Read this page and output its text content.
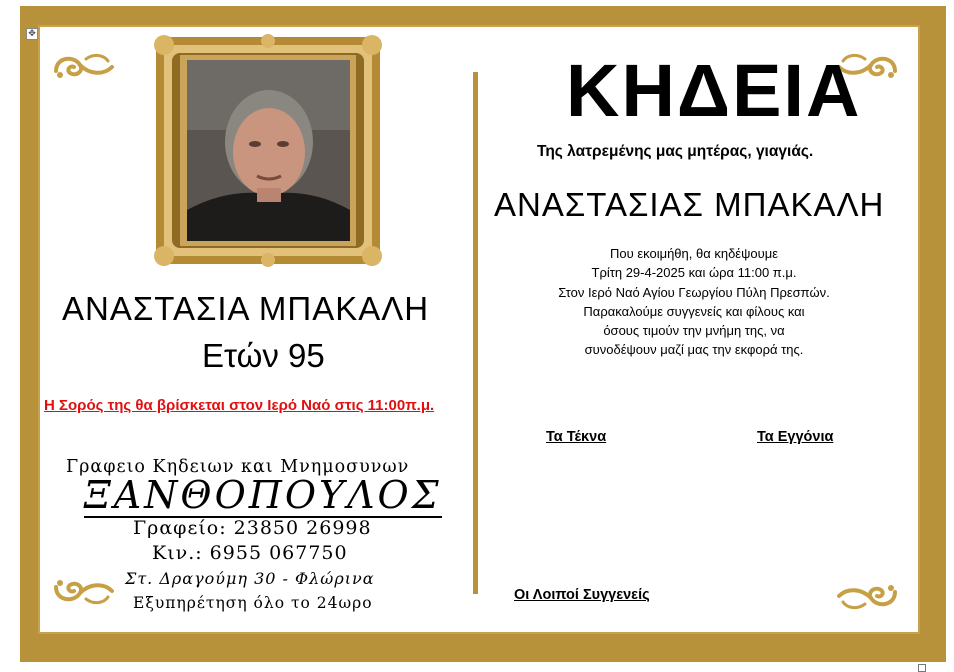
✥
ΑΝΑΣΤΑΣΙΑ ΜΠΑΚΑΛΗ
Ετών 95
Η Σορός της θα βρίσκεται στον Ιερό Ναό στις 11:00π.μ.
Γραφειο Κηδειων και Μνημοσυνων
ΞΑΝΘΟΠΟΥΛΟΣ
Γραφείο: 23850 26998
Κιν.: 6955 067750
Στ. Δραγούμη 30 - Φλώρινα
Εξυπηρέτηση όλο το 24ωρο
ΚΗΔΕΙΑ
Της λατρεμένης μας μητέρας, γιαγιάς.
ΑΝΑΣΤΑΣΙΑΣ ΜΠΑΚΑΛΗ
Που εκοιμήθη, θα κηδέψουμε
Τρίτη 29-4-2025 και ώρα 11:00 π.μ.
Στον Ιερό Ναό Αγίου Γεωργίου Πύλη Πρεσπών.
Παρακαλούμε συγγενείς και φίλους και
όσους τιμούν την μνήμη της, να
συνοδέψουν μαζί μας την εκφορά της.
Τα Τέκνα	Τα Εγγόνια
Οι Λοιποί Συγγενείς
